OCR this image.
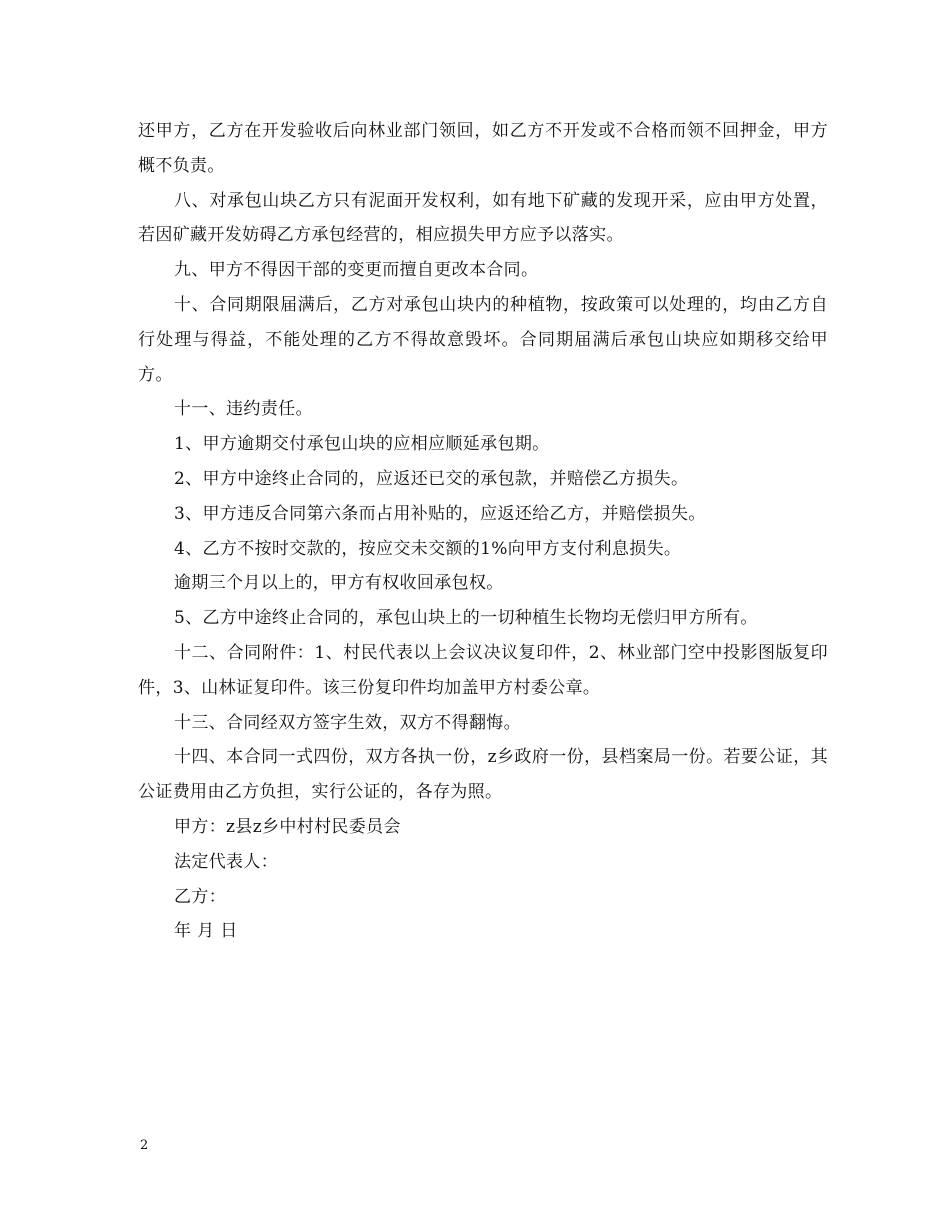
还甲方，乙方在开发验收后向林业部门领回，如乙方不开发或不合格而领不回押金，甲方概不负责。

八、对承包山块乙方只有泥面开发权利，如有地下矿藏的发现开采，应由甲方处置，若因矿藏开发妨碍乙方承包经营的，相应损失甲方应予以落实。

九、甲方不得因干部的变更而擅自更改本合同。

十、合同期限届满后，乙方对承包山块内的种植物，按政策可以处理的，均由乙方自行处理与得益，不能处理的乙方不得故意毁坏。合同期届满后承包山块应如期移交给甲方。

十一、违约责任。

1、甲方逾期交付承包山块的应相应顺延承包期。

2、甲方中途终止合同的，应返还已交的承包款，并赔偿乙方损失。

3、甲方违反合同第六条而占用补贴的，应返还给乙方，并赔偿损失。

4、乙方不按时交款的，按应交未交额的1%向甲方支付利息损失。

逾期三个月以上的，甲方有权收回承包权。

5、乙方中途终止合同的，承包山块上的一切种植生长物均无偿归甲方所有。

十二、合同附件：1、村民代表以上会议决议复印件，2、林业部门空中投影图版复印件，3、山林证复印件。该三份复印件均加盖甲方村委公章。

十三、合同经双方签字生效，双方不得翻悔。

十四、本合同一式四份，双方各执一份，z乡政府一份，县档案局一份。若要公证，其公证费用由乙方负担，实行公证的，各存为照。

甲方：z县z乡中村村民委员会

法定代表人：

乙方：

年 月 日

2
